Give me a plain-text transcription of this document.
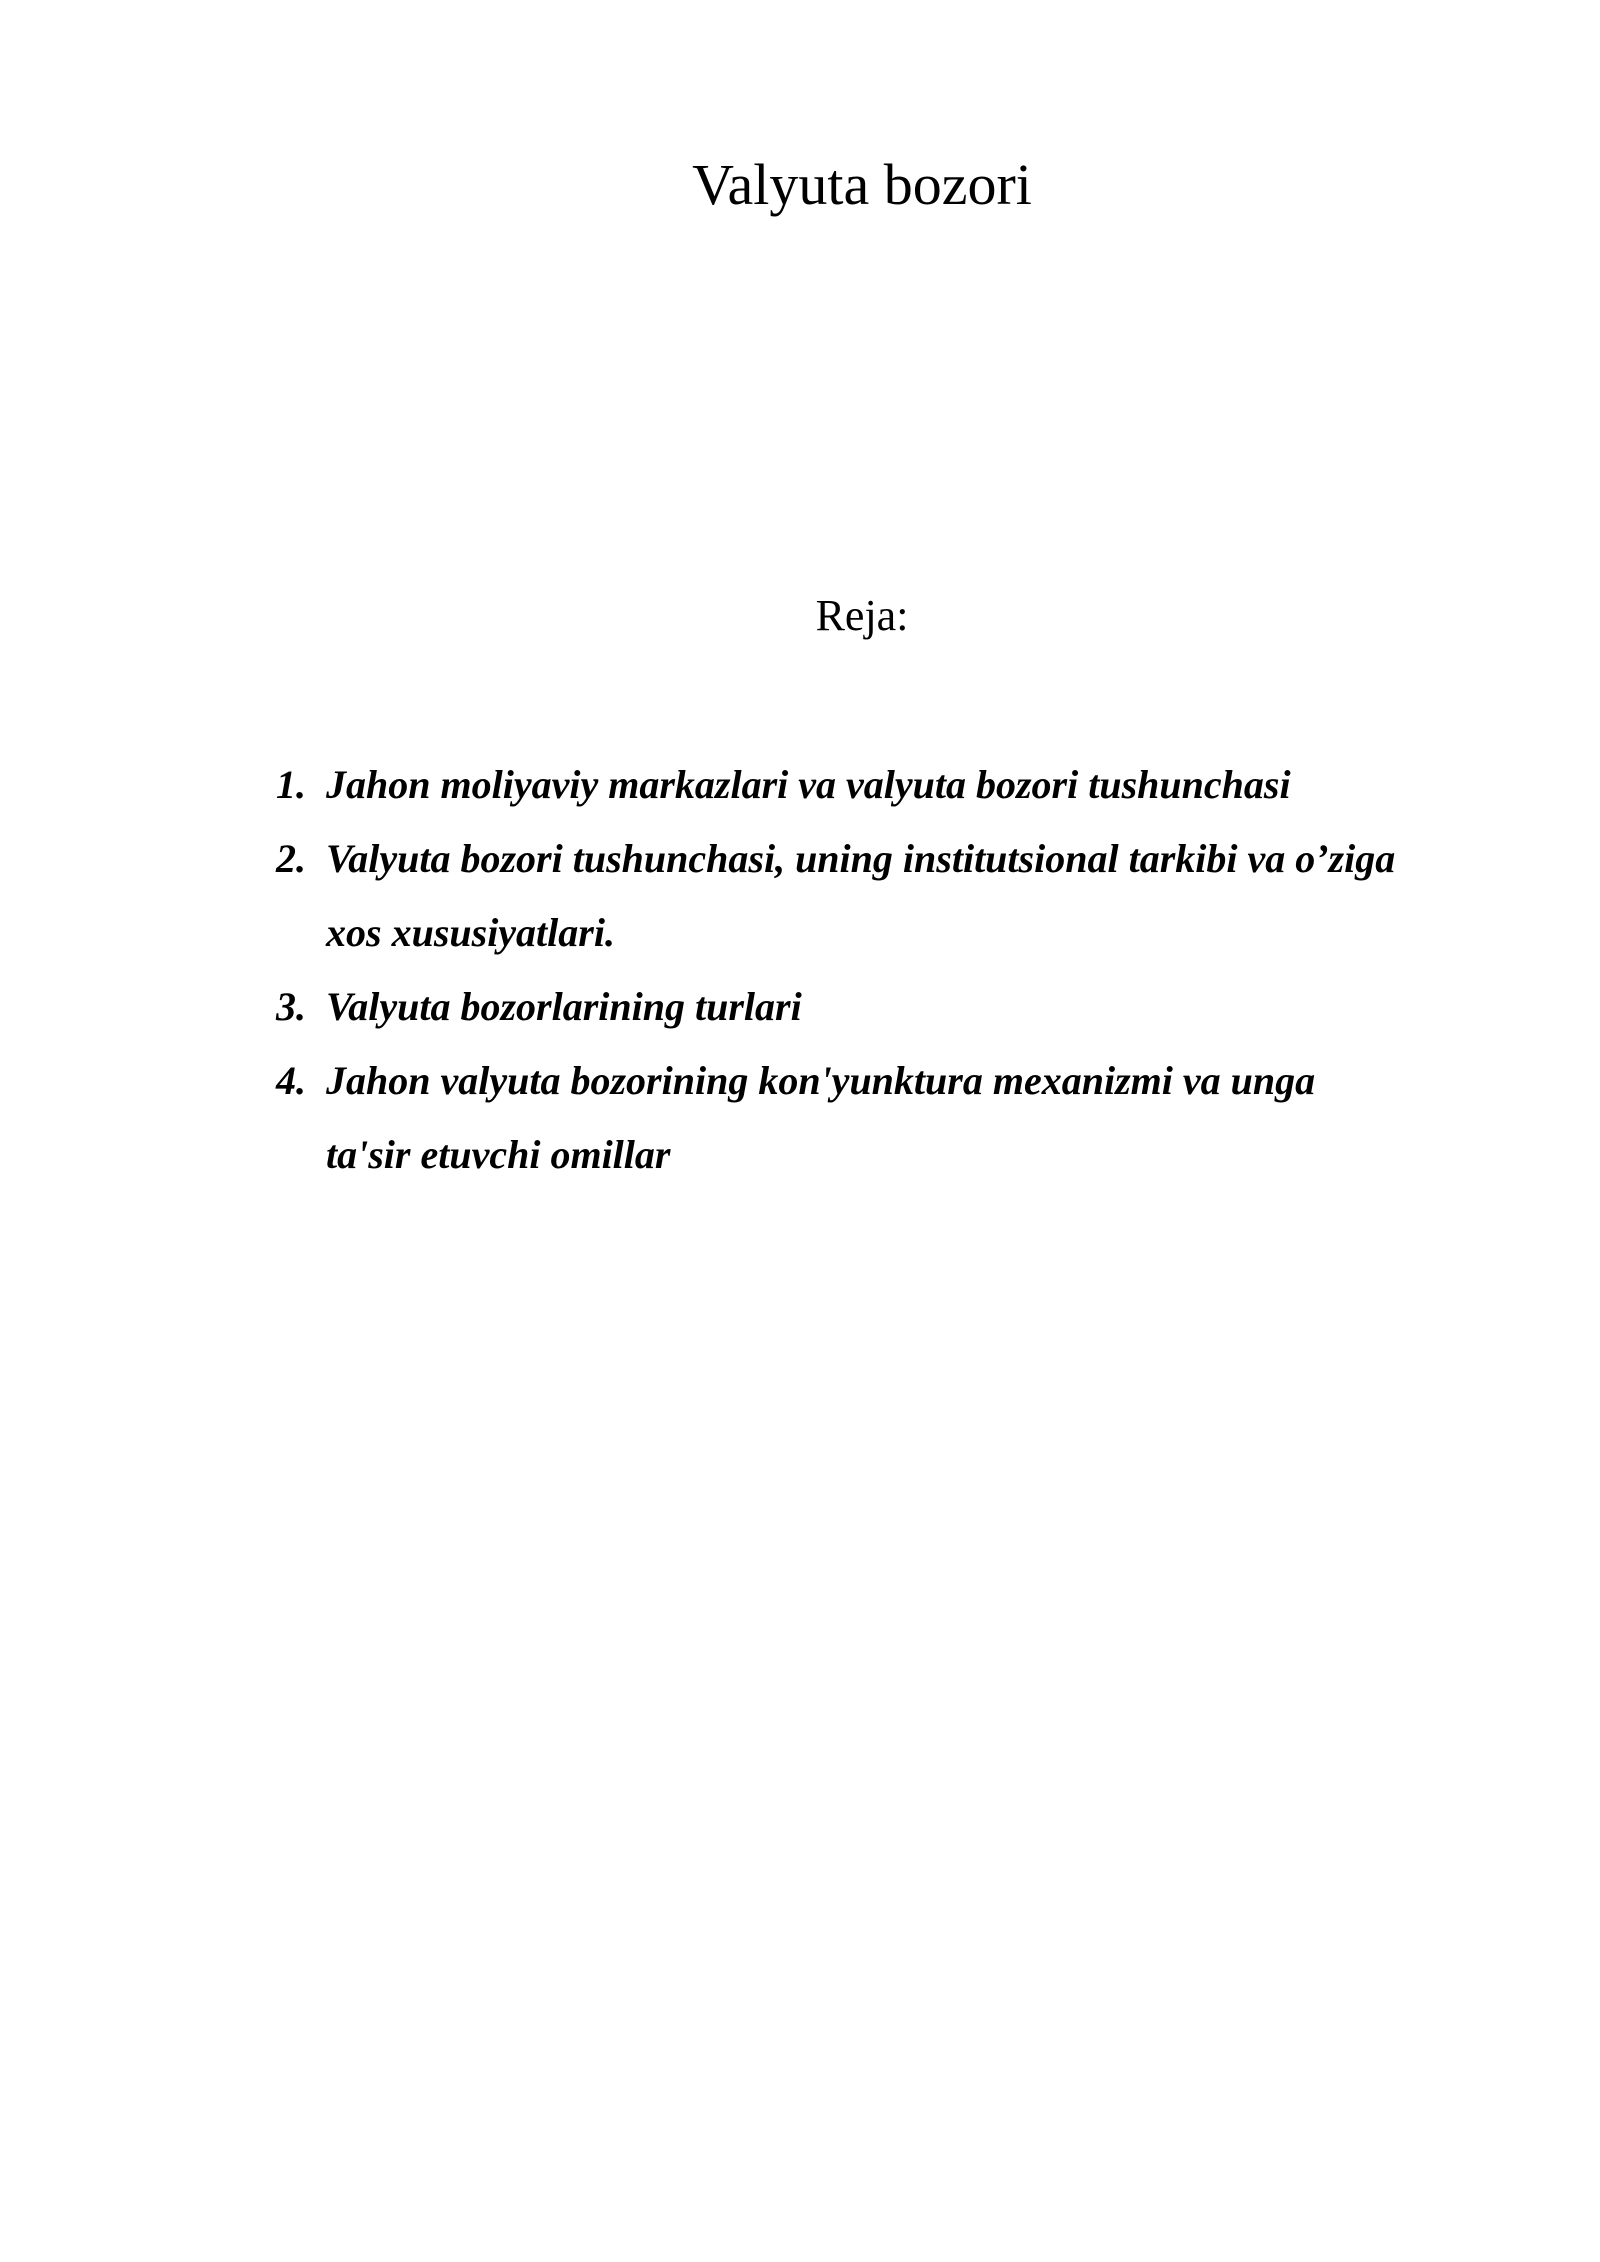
Valyuta bozori
Reja:
1. Jahon moliyaviy markazlari va valyuta bozori tushunchasi
2. Valyuta bozori tushunchasi, uning institutsional tarkibi va o’ziga
xos xususiyatlari.
3. Valyuta bozorlarining turlari
4. Jahon valyuta bozorining kon'yunktura mexanizmi va unga
ta'sir etuvchi omillar
